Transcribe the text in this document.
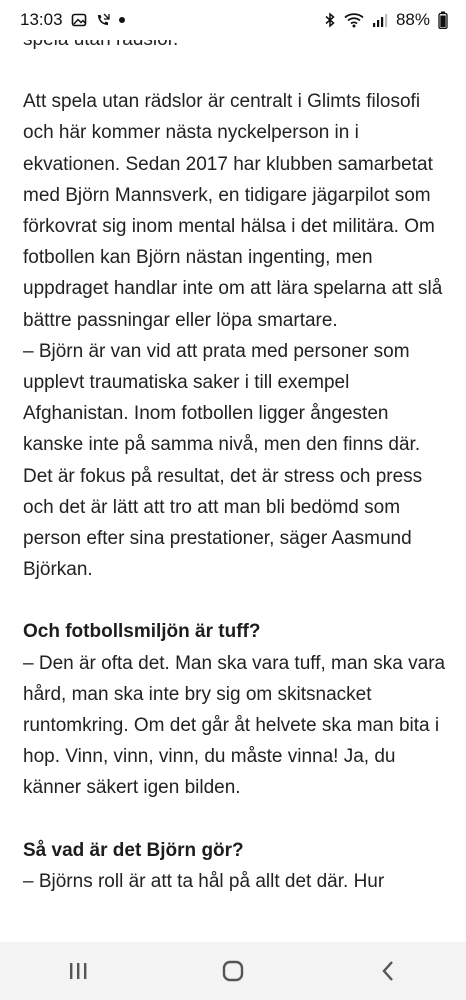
Att spela utan rädslor är centralt i Glimts filosofi och här kommer nästa nyckelperson in i ekvationen. Sedan 2017 har klubben samarbetat med Björn Mannsverk, en tidigare jägarpilot som förkovrat sig inom mental hälsa i det militära. Om fotbollen kan Björn nästan ingenting, men uppdraget handlar inte om att lära spelarna att slå bättre passningar eller löpa smartare.

– Björn är van vid att prata med personer som upplevt traumatiska saker i till exempel Afghanistan. Inom fotbollen ligger ångesten kanske inte på samma nivå, men den finns där. Det är fokus på resultat, det är stress och press och det är lätt att tro att man bli bedömd som person efter sina prestationer, säger Aasmund Björkan.

Och fotbollsmiljön är tuff?

– Den är ofta det. Man ska vara tuff, man ska vara hård, man ska inte bry sig om skitsnacket runtomkring. Om det går åt helvete ska man bita i hop. Vinn, vinn, vinn, du måste vinna! Ja, du känner säkert igen bilden.

Så vad är det Björn gör?

– Björns roll är att ta hål på allt det där. Hur

13:03	88%
